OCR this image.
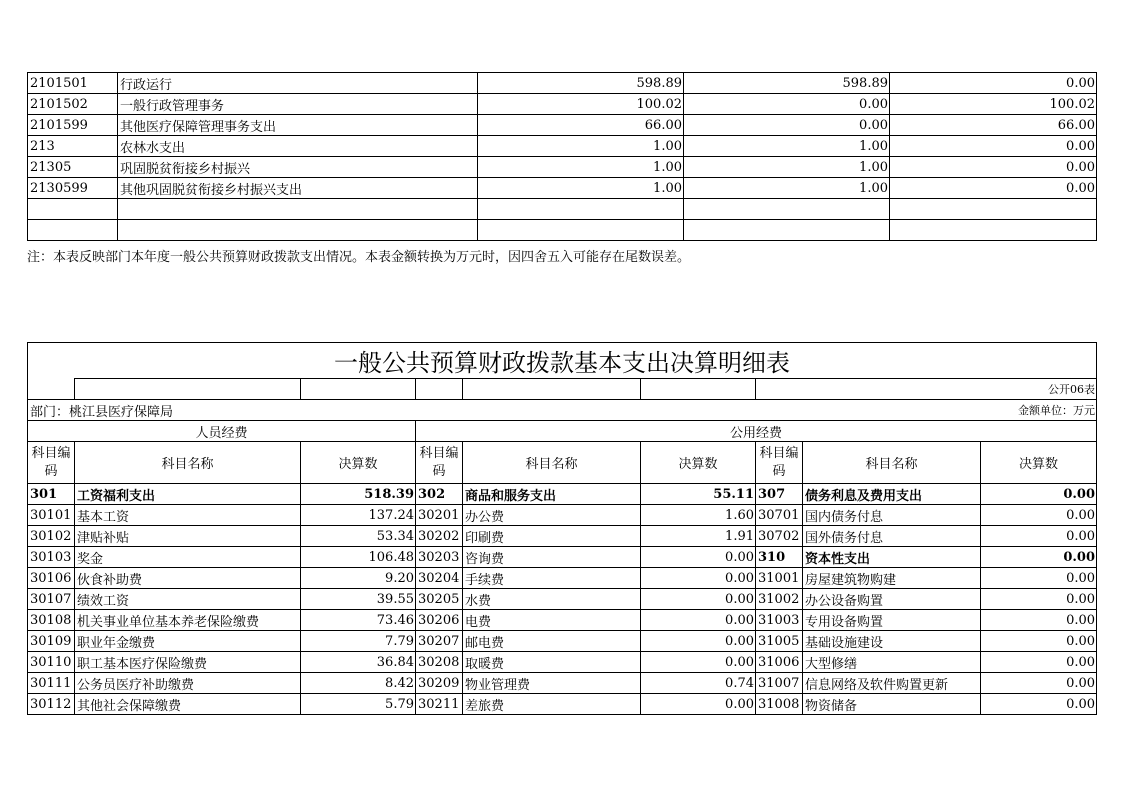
2101501	行政运行	598.89	598.89	0.00
2101502	一般行政管理事务	100.02	0.00	100.02
2101599	其他医疗保障管理事务支出	66.00	0.00	66.00
213	农林水支出	1.00	1.00	0.00
21305	巩固脱贫衔接乡村振兴	1.00	1.00	0.00
2130599	其他巩固脱贫衔接乡村振兴支出	1.00	1.00	0.00

注：本表反映部门本年度一般公共预算财政拨款支出情况。本表金额转换为万元时，因四舍五入可能存在尾数误差。
一般公共预算财政拨款基本支出决算明细表								
						公开06表		
部门：桃江县医疗保障局						金额单位：万元		
人员经费			公用经费					
科目编码	科目名称	决算数	科目编码	科目名称	决算数	科目编码	科目名称	决算数
301	工资福利支出	518.39	302	商品和服务支出	55.11	307	债务利息及费用支出	0.00
30101	基本工资	137.24	30201	办公费	1.60	30701	国内债务付息	0.00
30102	津贴补贴	53.34	30202	印刷费	1.91	30702	国外债务付息	0.00
30103	奖金	106.48	30203	咨询费	0.00	310	资本性支出	0.00
30106	伙食补助费	9.20	30204	手续费	0.00	31001	房屋建筑物购建	0.00
30107	绩效工资	39.55	30205	水费	0.00	31002	办公设备购置	0.00
30108	机关事业单位基本养老保险缴费	73.46	30206	电费	0.00	31003	专用设备购置	0.00
30109	职业年金缴费	7.79	30207	邮电费	0.00	31005	基础设施建设	0.00
30110	职工基本医疗保险缴费	36.84	30208	取暖费	0.00	31006	大型修缮	0.00
30111	公务员医疗补助缴费	8.42	30209	物业管理费	0.74	31007	信息网络及软件购置更新	0.00
30112	其他社会保障缴费	5.79	30211	差旅费	0.00	31008	物资储备	0.00
